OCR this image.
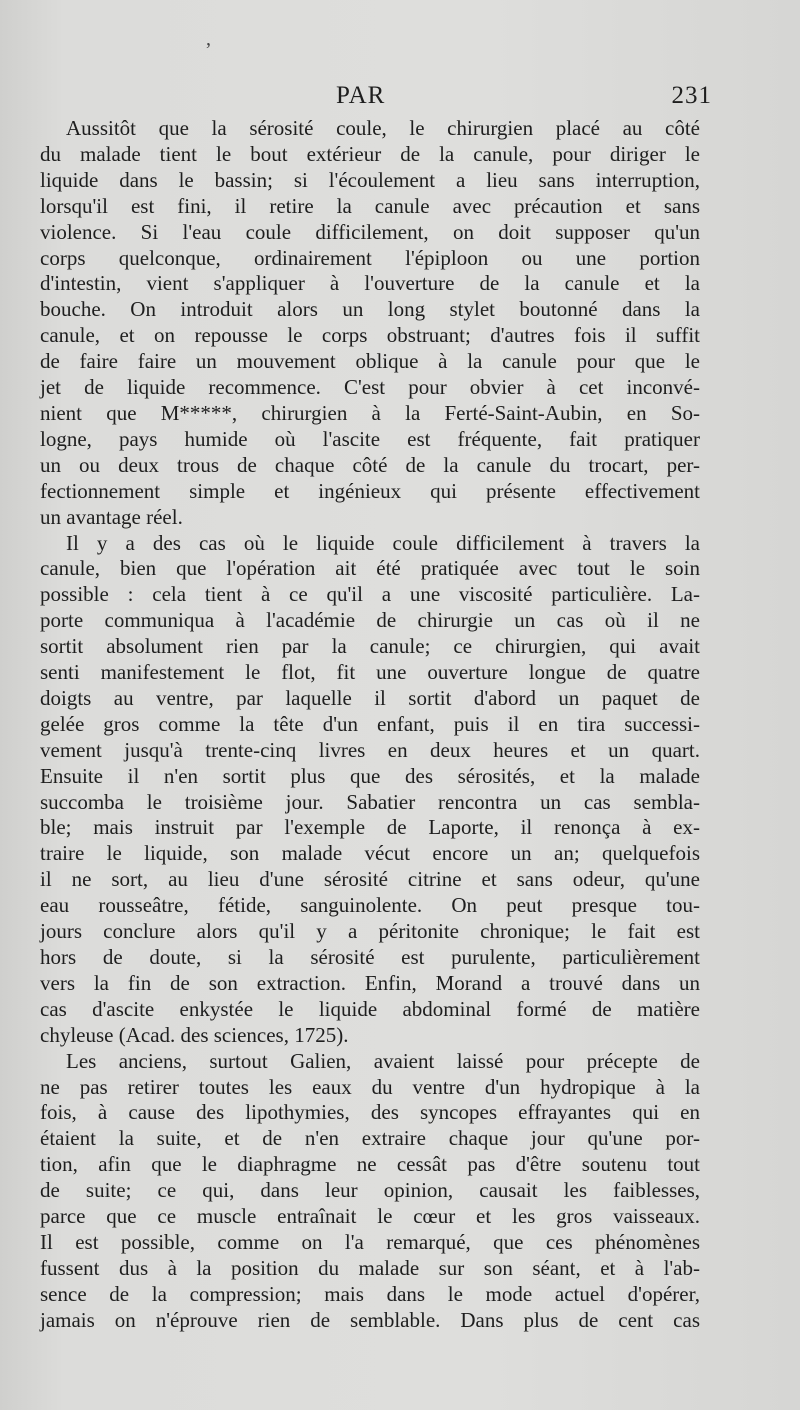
,
PAR	231
Aussitôt que la sérosité coule, le chirurgien placé au côté
du malade tient le bout extérieur de la canule, pour diriger le
liquide dans le bassin; si l'écoulement a lieu sans interruption,
lorsqu'il est fini, il retire la canule avec précaution et sans
violence. Si l'eau coule difficilement, on doit supposer qu'un
corps quelconque, ordinairement l'épiploon ou une portion
d'intestin, vient s'appliquer à l'ouverture de la canule et la
bouche. On introduit alors un long stylet boutonné dans la
canule, et on repousse le corps obstruant; d'autres fois il suffit
de faire faire un mouvement oblique à la canule pour que le
jet de liquide recommence. C'est pour obvier à cet inconvé-
nient que M*****, chirurgien à la Ferté-Saint-Aubin, en So-
logne, pays humide où l'ascite est fréquente, fait pratiquer
un ou deux trous de chaque côté de la canule du trocart, per-
fectionnement simple et ingénieux qui présente effectivement
un avantage réel.
Il y a des cas où le liquide coule difficilement à travers la
canule, bien que l'opération ait été pratiquée avec tout le soin
possible : cela tient à ce qu'il a une viscosité particulière. La-
porte communiqua à l'académie de chirurgie un cas où il ne
sortit absolument rien par la canule; ce chirurgien, qui avait
senti manifestement le flot, fit une ouverture longue de quatre
doigts au ventre, par laquelle il sortit d'abord un paquet de
gelée gros comme la tête d'un enfant, puis il en tira successi-
vement jusqu'à trente-cinq livres en deux heures et un quart.
Ensuite il n'en sortit plus que des sérosités, et la malade
succomba le troisième jour. Sabatier rencontra un cas sembla-
ble; mais instruit par l'exemple de Laporte, il renonça à ex-
traire le liquide, son malade vécut encore un an; quelquefois
il ne sort, au lieu d'une sérosité citrine et sans odeur, qu'une
eau rousseâtre, fétide, sanguinolente. On peut presque tou-
jours conclure alors qu'il y a péritonite chronique; le fait est
hors de doute, si la sérosité est purulente, particulièrement
vers la fin de son extraction. Enfin, Morand a trouvé dans un
cas d'ascite enkystée le liquide abdominal formé de matière
chyleuse (Acad. des sciences, 1725).
Les anciens, surtout Galien, avaient laissé pour précepte de
ne pas retirer toutes les eaux du ventre d'un hydropique à la
fois, à cause des lipothymies, des syncopes effrayantes qui en
étaient la suite, et de n'en extraire chaque jour qu'une por-
tion, afin que le diaphragme ne cessât pas d'être soutenu tout
de suite; ce qui, dans leur opinion, causait les faiblesses,
parce que ce muscle entraînait le cœur et les gros vaisseaux.
Il est possible, comme on l'a remarqué, que ces phénomènes
fussent dus à la position du malade sur son séant, et à l'ab-
sence de la compression; mais dans le mode actuel d'opérer,
jamais on n'éprouve rien de semblable. Dans plus de cent cas
